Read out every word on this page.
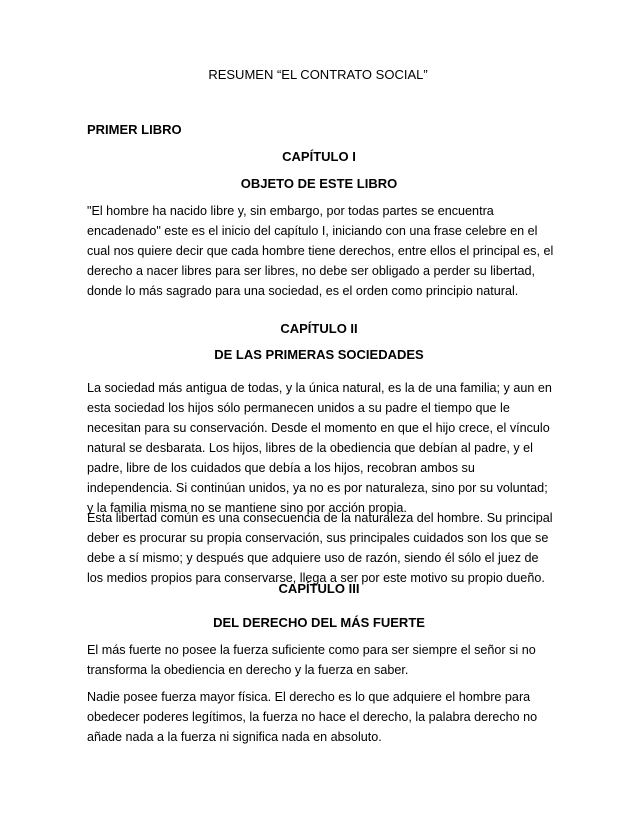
RESUMEN “EL CONTRATO SOCIAL”
PRIMER LIBRO
CAPÍTULO I
OBJETO DE ESTE LIBRO
"El hombre ha nacido libre y, sin embargo, por todas partes se encuentra
encadenado" este es el inicio del capítulo I, iniciando con una frase celebre en el
cual nos quiere decir que cada hombre tiene derechos, entre ellos el principal es, el
derecho a nacer libres para ser libres, no debe ser obligado a perder su libertad,
donde lo más sagrado para una sociedad, es el orden como principio natural.
CAPÍTULO II
DE LAS PRIMERAS SOCIEDADES
La sociedad más antigua de todas, y la única natural, es la de una familia; y aun en
esta sociedad los hijos sólo permanecen unidos a su padre el tiempo que le
necesitan para su conservación. Desde el momento en que el hijo crece, el vínculo
natural se desbarata. Los hijos, libres de la obediencia que debían al padre, y el
padre, libre de los cuidados que debía a los hijos, recobran ambos su
independencia. Si continúan unidos, ya no es por naturaleza, sino por su voluntad;
y la familia misma no se mantiene sino por acción propia.
Esta libertad común es una consecuencia de la naturaleza del hombre. Su principal
deber es procurar su propia conservación, sus principales cuidados son los que se
debe a sí mismo; y después que adquiere uso de razón, siendo él sólo el juez de
los medios propios para conservarse, llega a ser por este motivo su propio dueño.
CAPÍTULO III
DEL DERECHO DEL MÁS FUERTE
El más fuerte no posee la fuerza suficiente como para ser siempre el señor si no
transforma la obediencia en derecho y la fuerza en saber.
Nadie posee fuerza mayor física. El derecho es lo que adquiere el hombre para
obedecer poderes legítimos, la fuerza no hace el derecho, la palabra derecho no
añade nada a la fuerza ni significa nada en absoluto.
